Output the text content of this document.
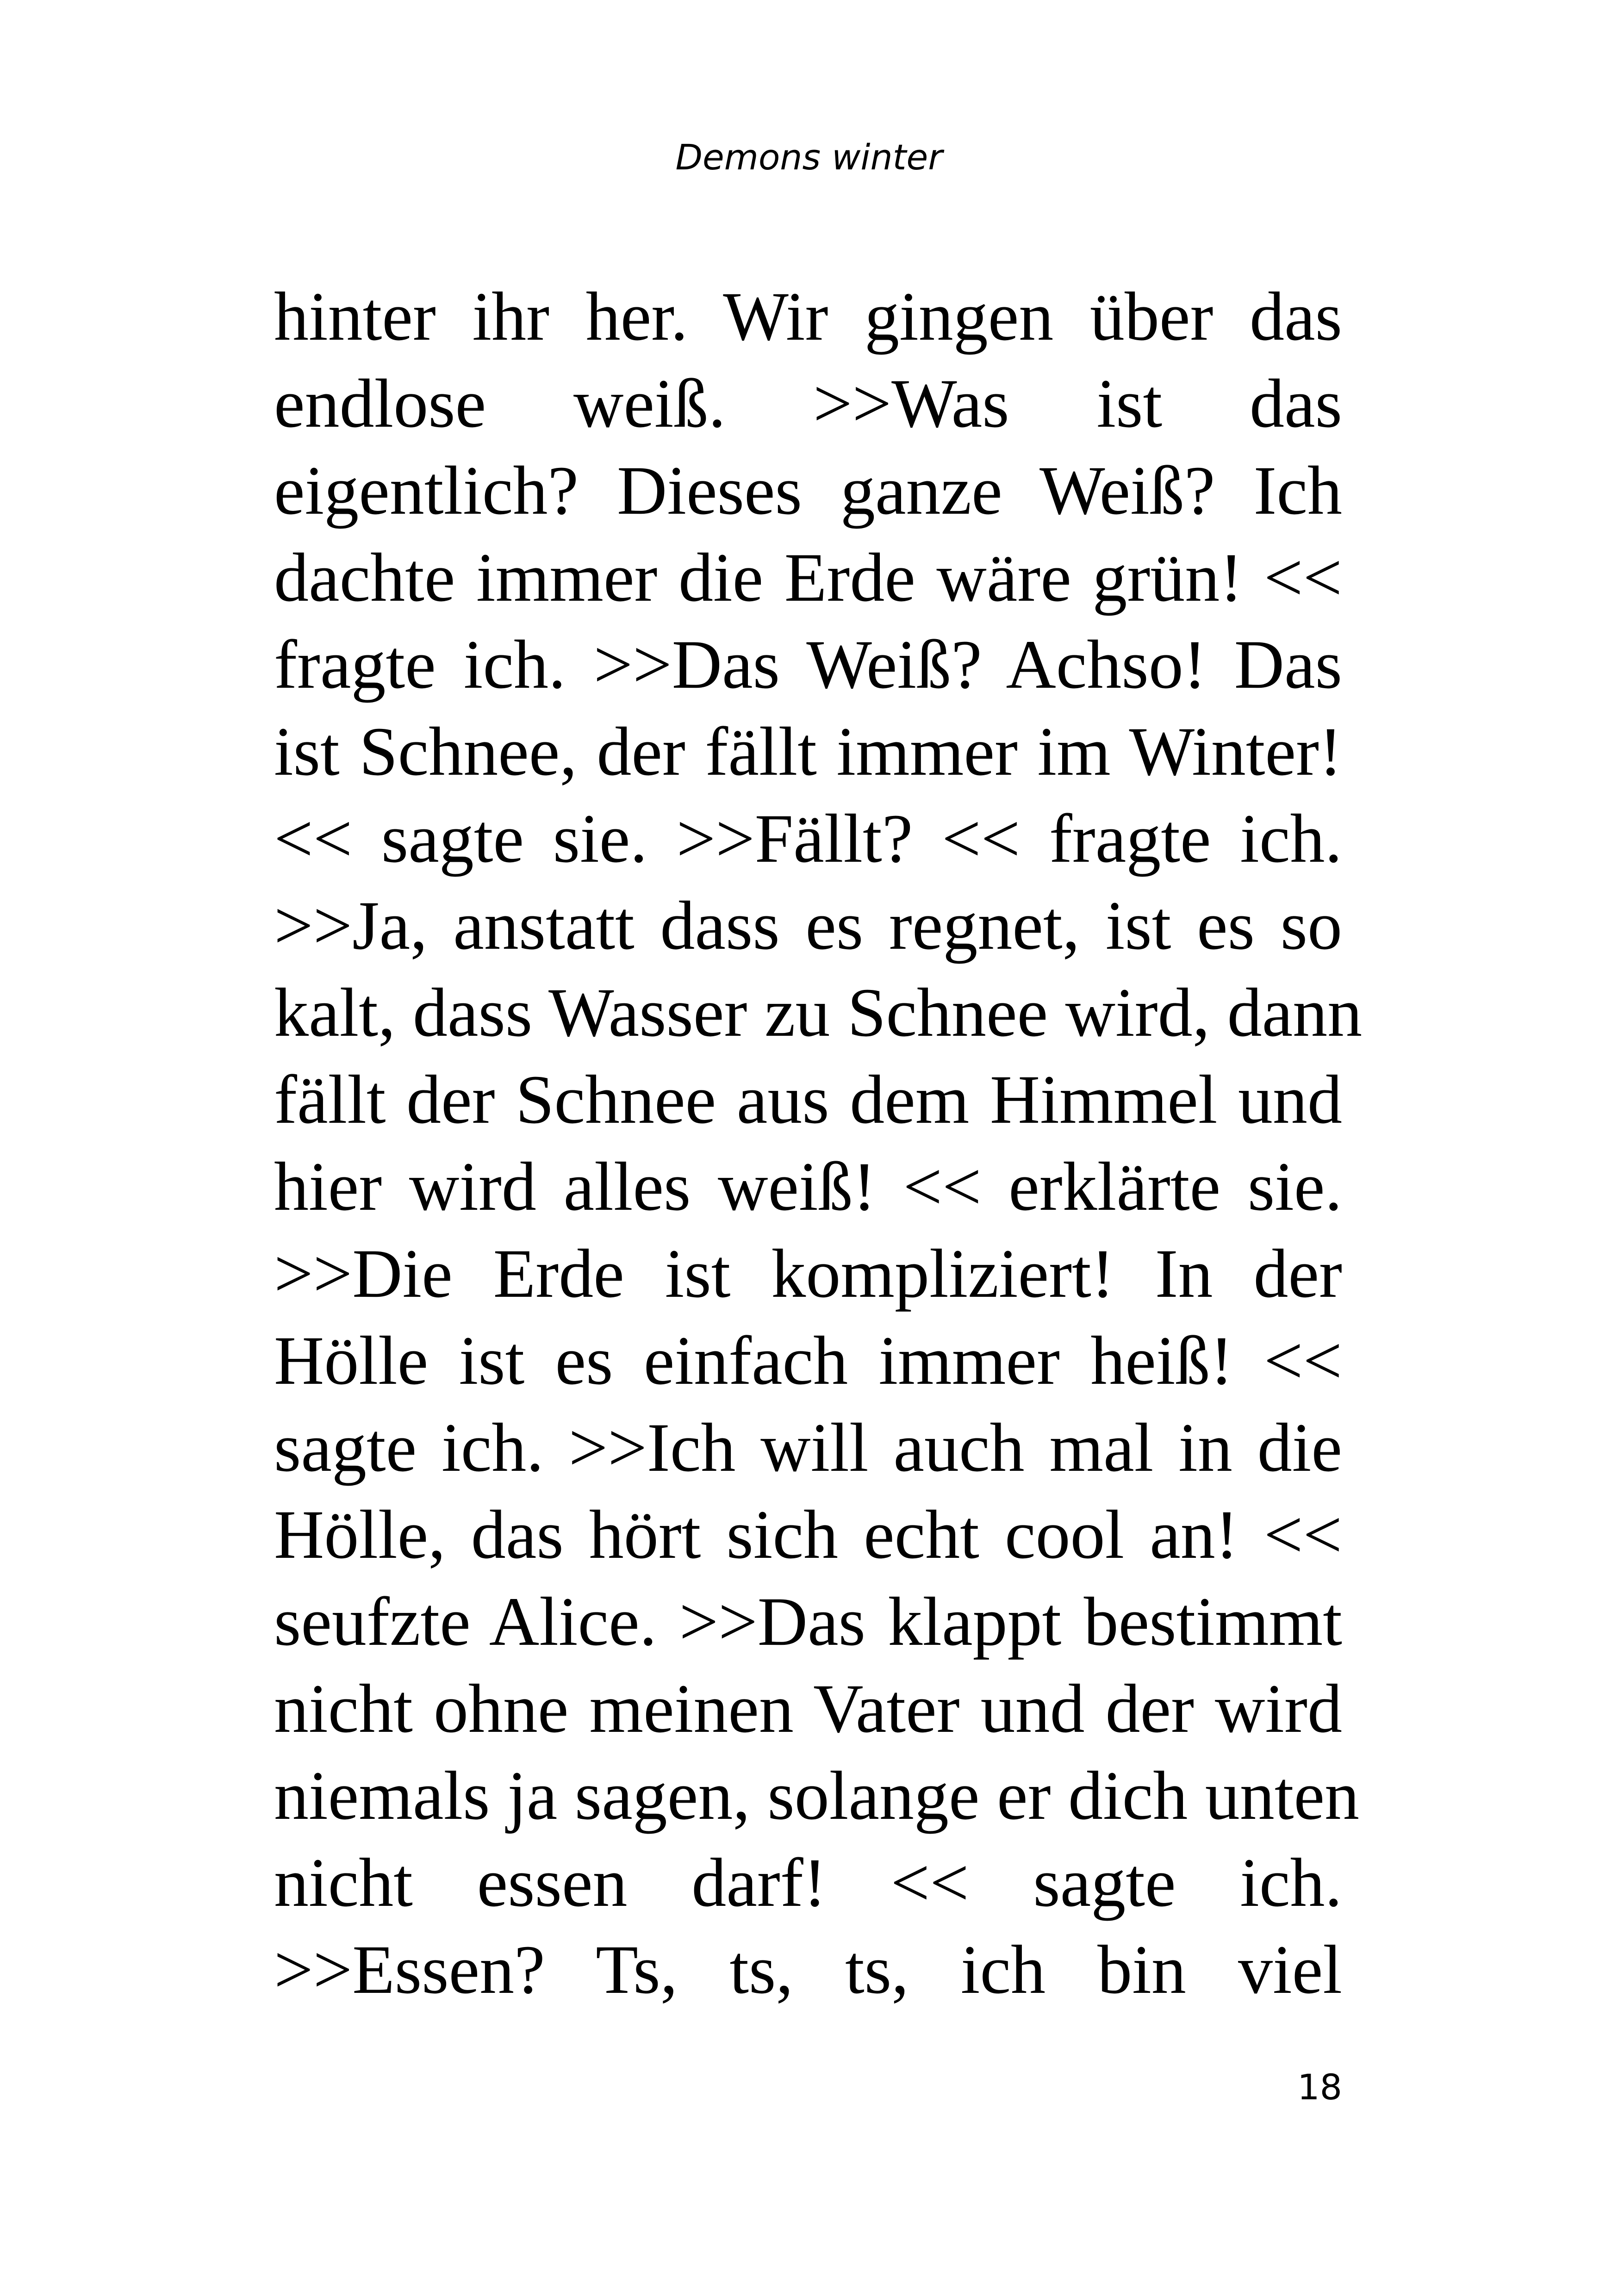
Demons winter
hinter ihr her. Wir gingen über das
endlose weiß. >>Was ist das
eigentlich? Dieses ganze Weiß? Ich
dachte immer die Erde wäre grün! <<
fragte ich. >>Das Weiß? Achso! Das
ist Schnee, der fällt immer im Winter!
<< sagte sie. >>Fällt? << fragte ich.
>>Ja, anstatt dass es regnet, ist es so
kalt, dass Wasser zu Schnee wird, dann
fällt der Schnee aus dem Himmel und
hier wird alles weiß! << erklärte sie.
>>Die Erde ist kompliziert! In der
Hölle ist es einfach immer heiß! <<
sagte ich. >>Ich will auch mal in die
Hölle, das hört sich echt cool an! <<
seufzte Alice. >>Das klappt bestimmt
nicht ohne meinen Vater und der wird
niemals ja sagen, solange er dich unten
nicht essen darf! << sagte ich.
>>Essen? Ts, ts, ts, ich bin viel
18
